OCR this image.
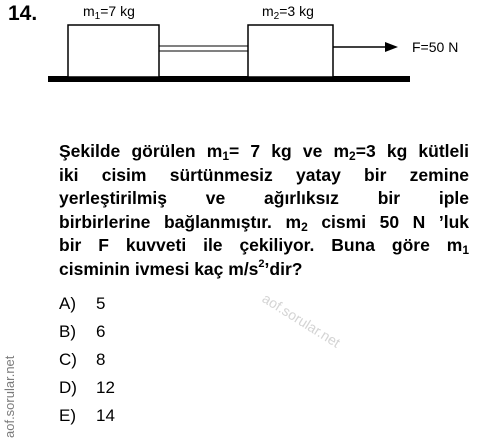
14.	$m_1=7$ kg	$m_2=3$ kg
F=50 N
Şekilde görülen $m_1= 7$ kg ve $m_2=3$ kg kütleli
iki cisim sürtünmesiz yatay bir zemine
yerleştirilmiş ve ağırlıksız bir iple
birbirlerine bağlanmıştır. $m_2$ cismi 50 N ’luk
bir F kuvveti ile çekiliyor. Buna göre $m_1$
cisminin ivmesi kaç $m/s^2’dir$?
A) 5
B) 6
C) 8
D) 12
E) 14
aof.sorular.net
aof.sorular.net
